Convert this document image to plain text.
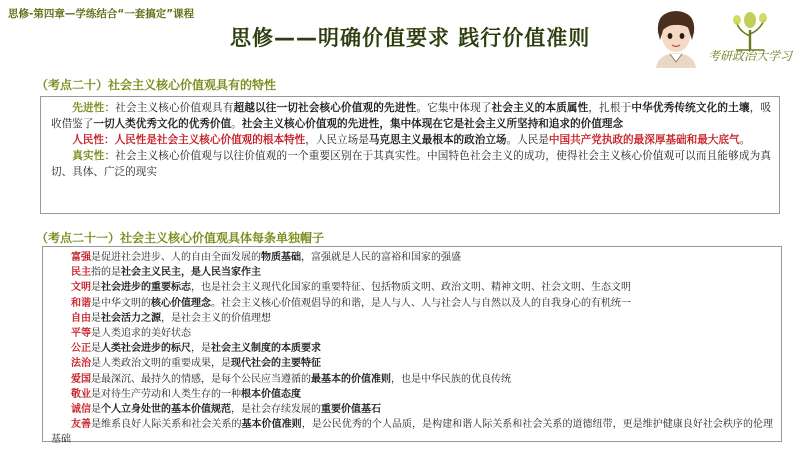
思修-第四章—学练结合“一套搞定”课程
思修——明确价值要求 践行价值准则
考研政治大学习
（考点二十）社会主义核心价值观具有的特性

先进性：社会主义核心价值观具有超越以往一切社会核心价值观的先进性。它集中体现了社会主义的本质属性，扎根于中华优秀传统文化的土壤，吸收借鉴了一切人类优秀文化的优秀价值。社会主义核心价值观的先进性，集中体现在它是社会主义所坚持和追求的价值理念

人民性：人民性是社会主义核心价值观的根本特性，人民立场是马克思主义最根本的政治立场。人民是中国共产党执政的最深厚基础和最大底气。

真实性：社会主义核心价值观与以往价值观的一个重要区别在于其真实性。中国特色社会主义的成功，使得社会主义核心价值观可以而且能够成为真切、具体、广泛的现实

（考点二十一）社会主义核心价值观具体每条单独帽子

富强是促进社会进步、人的自由全面发展的物质基础，富强就是人民的富裕和国家的强盛

民主指的是社会主义民主，是人民当家作主

文明是社会进步的重要标志，也是社会主义现代化国家的重要特征、包括物质文明、政治文明、精神文明、社会文明、生态文明

和谐是中华文明的核心价值理念。社会主义核心价值观倡导的和谐，是人与人、人与社会人与自然以及人的自我身心的有机统一

自由是社会活力之源，是社会主义的价值理想

平等是人类追求的美好状态

公正是人类社会进步的标尺，是社会主义制度的本质要求

法治是人类政治文明的重要成果，是现代社会的主要特征

爱国是最深沉、最持久的情感，是每个公民应当遵循的最基本的价值准则，也是中华民族的优良传统

敬业是对待生产劳动和人类生存的一种根本价值态度

诚信是个人立身处世的基本价值规范，是社会存续发展的重要价值基石

友善是维系良好人际关系和社会关系的基本价值准则，是公民优秀的个人品质，是构建和谐人际关系和社会关系的道德纽带，更是维护健康良好社会秩序的伦理基础
